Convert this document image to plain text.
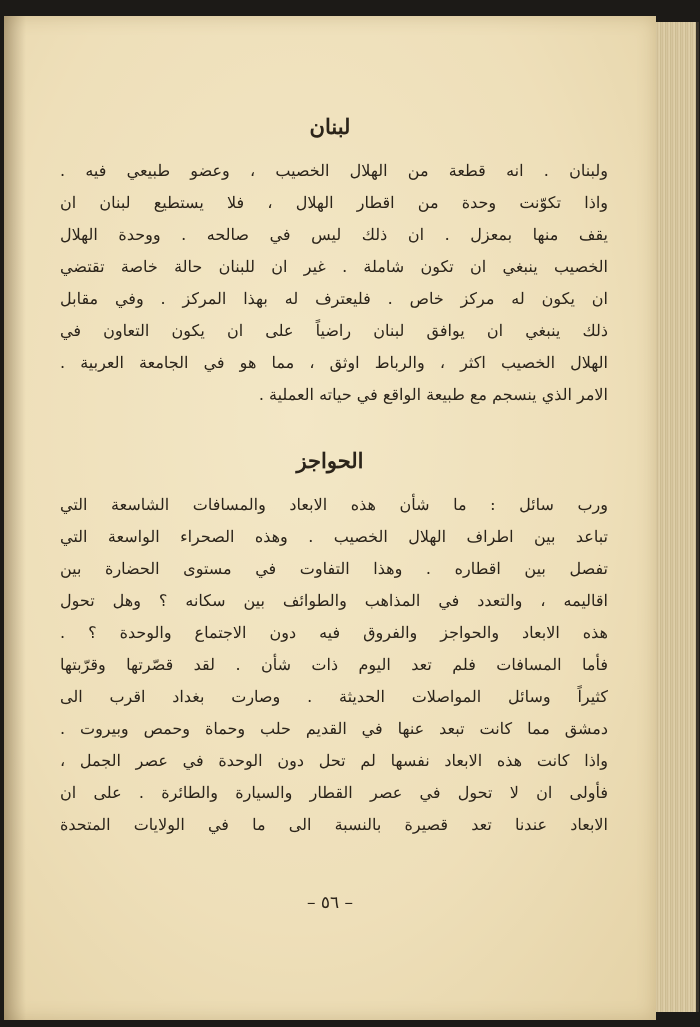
لبنان
ولبنان . انه قطعة من الهلال الخصيب ، وعضو طبيعي فيه .
واذا تكوّنت وحدة من اقطار الهلال ، فلا يستطيع لبنان ان
يقف منها بمعزل . ان ذلك ليس في صالحه . ووحدة الهلال
الخصيب ينبغي ان تكون شاملة . غير ان للبنان حالة خاصة تقتضي
ان يكون له مركز خاص . فليعترف له بهذا المركز . وفي مقابل
ذلك ينبغي ان يوافق لبنان راضياً على ان يكون التعاون في
الهلال الخصيب اكثر ، والرباط اوثق ، مما هو في الجامعة العربية .
الامر الذي ينسجم مع طبيعة الواقع في حياته العملية .
الحواجز
ورب سائل : ما شأن هذه الابعاد والمسافات الشاسعة التي
تباعد بين اطراف الهلال الخصيب . وهذه الصحراء الواسعة التي
تفصل بين اقطاره . وهذا التفاوت في مستوى الحضارة بين
اقاليمه ، والتعدد في المذاهب والطوائف بين سكانه ؟ وهل تحول
هذه الابعاد والحواجز والفروق فيه دون الاجتماع والوحدة ؟ .
فأما المسافات فلم تعد اليوم ذات شأن . لقد قصّرتها وقرّبتها
كثيراً وسائل المواصلات الحديثة . وصارت بغداد اقرب الى
دمشق مما كانت تبعد عنها في القديم حلب وحماة وحمص وبيروت .
واذا كانت هذه الابعاد نفسها لم تحل دون الوحدة في عصر الجمل ،
فأولى ان لا تحول في عصر القطار والسيارة والطائرة . على ان
الابعاد عندنا تعد قصيرة بالنسبة الى ما في الولايات المتحدة
– ٥٦ –
